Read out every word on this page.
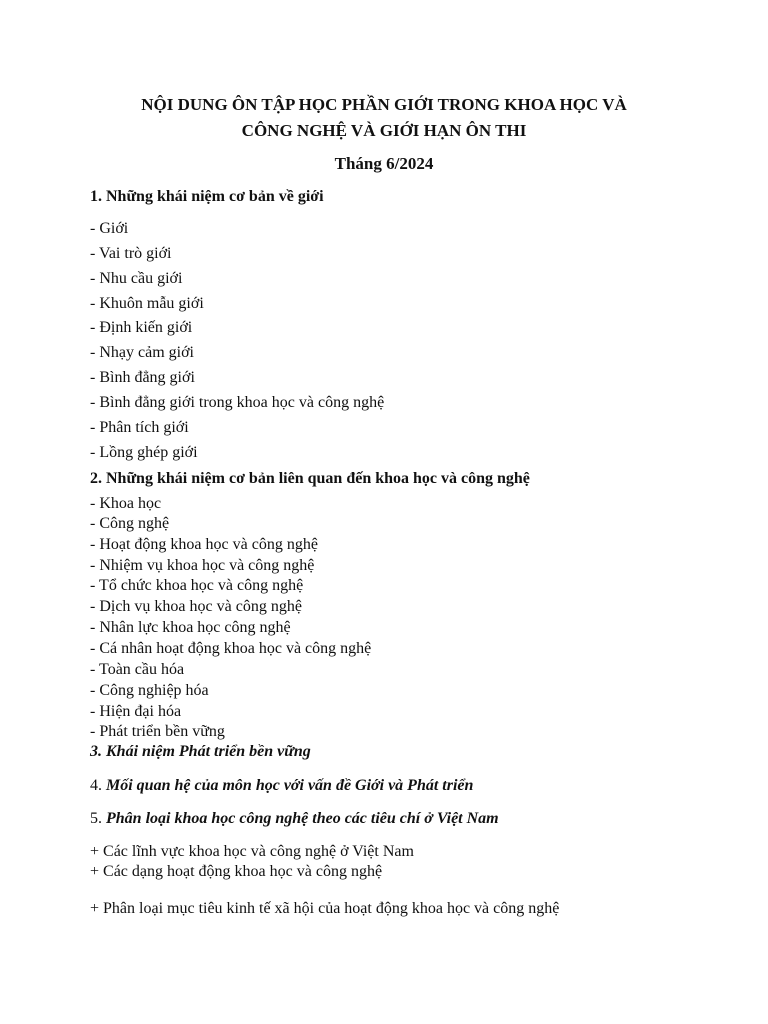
NỘI DUNG ÔN TẬP HỌC PHẦN GIỚI TRONG KHOA HỌC VÀ
CÔNG NGHỆ VÀ GIỚI HẠN ÔN THI
Tháng 6/2024
1. Những khái niệm cơ bản về giới
- Giới
- Vai trò giới
- Nhu cầu giới
- Khuôn mẫu giới
- Định kiến giới
- Nhạy cảm giới
- Bình đẳng giới
- Bình đẳng giới trong khoa học và công nghệ
- Phân tích giới
- Lồng ghép giới
2. Những khái niệm cơ bản liên quan đến khoa học và công nghệ
- Khoa học
- Công nghệ
- Hoạt động khoa học và công nghệ
- Nhiệm vụ khoa học và công nghệ
- Tổ chức khoa học và công nghệ
- Dịch vụ khoa học và công nghệ
- Nhân lực khoa học công nghệ
- Cá nhân hoạt động khoa học và công nghệ
- Toàn cầu hóa
- Công nghiệp hóa
- Hiện đại hóa
- Phát triển bền vững
3. Khái niệm Phát triển bền vững
4. Mối quan hệ của môn học với vấn đề Giới và Phát triển
5. Phân loại khoa học công nghệ theo các tiêu chí ở Việt Nam
+ Các lĩnh vực khoa học và công nghệ ở Việt Nam
+ Các dạng hoạt động khoa học và công nghệ
+ Phân loại mục tiêu kinh tế xã hội của hoạt động khoa học và công nghệ
